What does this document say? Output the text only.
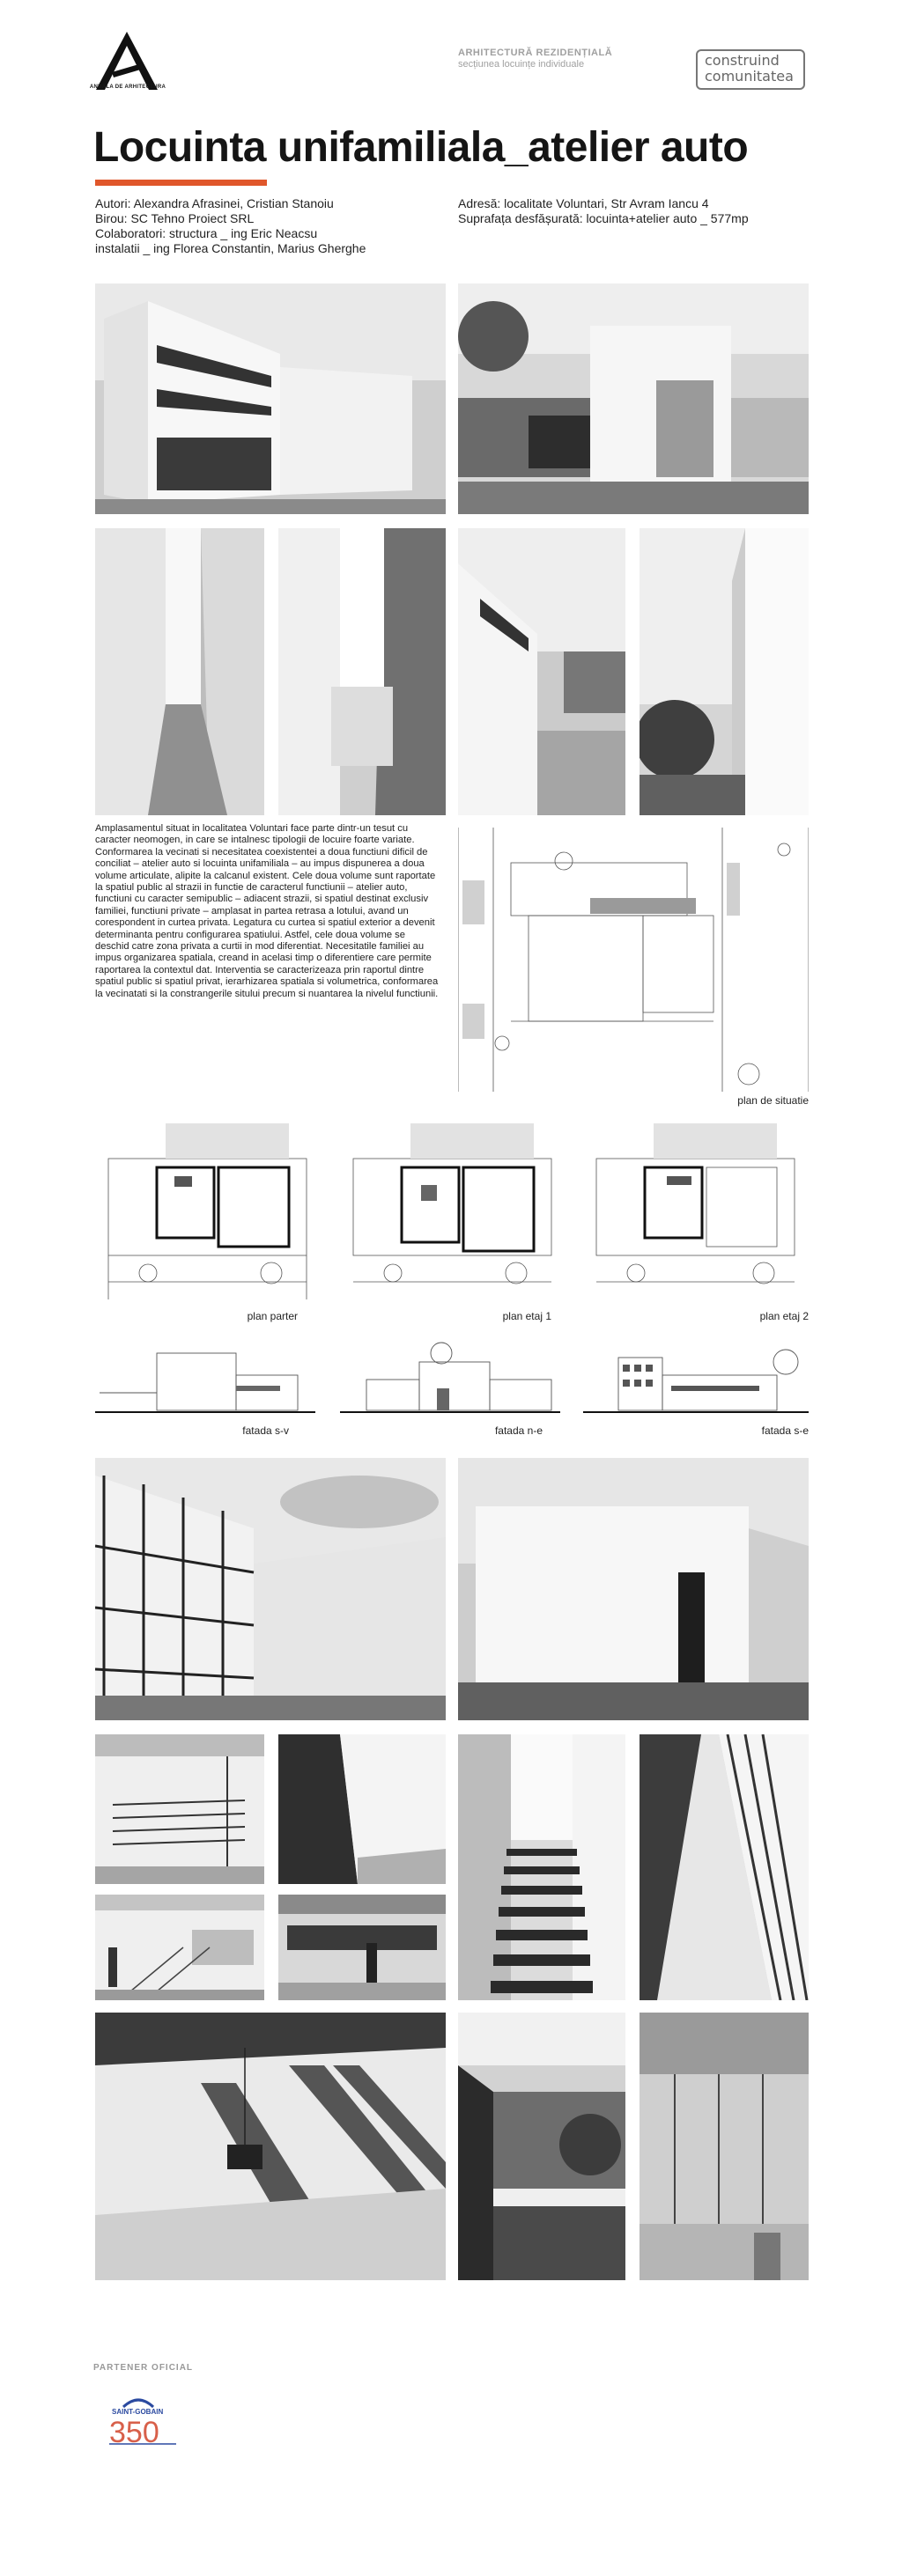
ANUALA DE ARHITECTURA
ARHITECTURĂ REZIDENȚIALĂ
secțiunea locuințe individuale	construind
comunitatea
Locuinta unifamiliala_atelier auto
Autori: Alexandra Afrasinei, Cristian Stanoiu
Birou: SC Tehno Proiect SRL
Colaboratori: structura _ ing Eric Neacsu
instalatii _ ing Florea Constantin, Marius Gherghe
Adresă: localitate Voluntari, Str Avram Iancu 4
Suprafața desfășurată: locuinta+atelier auto _ 577mp
Amplasamentul situat in localitatea Voluntari face parte dintr-un tesut cu caracter neomogen, in care se intalnesc tipologii de locuire foarte variate. Conformarea la vecinati si necesitatea coexistentei a doua functiuni dificil de conciliat – atelier auto si locuinta unifamiliala – au impus dispunerea a doua volume articulate, alipite la calcanul existent. Cele doua volume sunt raportate la spatiul public al strazii in functie de caracterul functiunii – atelier auto, functiuni cu caracter semipublic – adiacent strazii, si spatiul destinat exclusiv familiei, functiuni private – amplasat in partea retrasa a lotului, avand un corespondent in curtea privata. Legatura cu curtea si spatiul exterior a devenit determinanta pentru configurarea spatiului. Astfel, cele doua volume se deschid catre zona privata a curtii in mod diferentiat. Necesitatile familiei au impus organizarea spatiala, creand in acelasi timp o diferentiere care permite raportarea la contextul dat. Interventia se caracterizeaza prin raportul dintre spatiul public si spatiul privat, ierarhizarea spatiala si volumetrica, conformarea la vecinatati si la constrangerile sitului precum si nuantarea la nivelul functiunii.
plan de situatie
plan parter	plan etaj 1	plan etaj 2
fatada s-v	fatada n-e	fatada s-e
PARTENER OFICIAL
SAINT-GOBAIN
350
